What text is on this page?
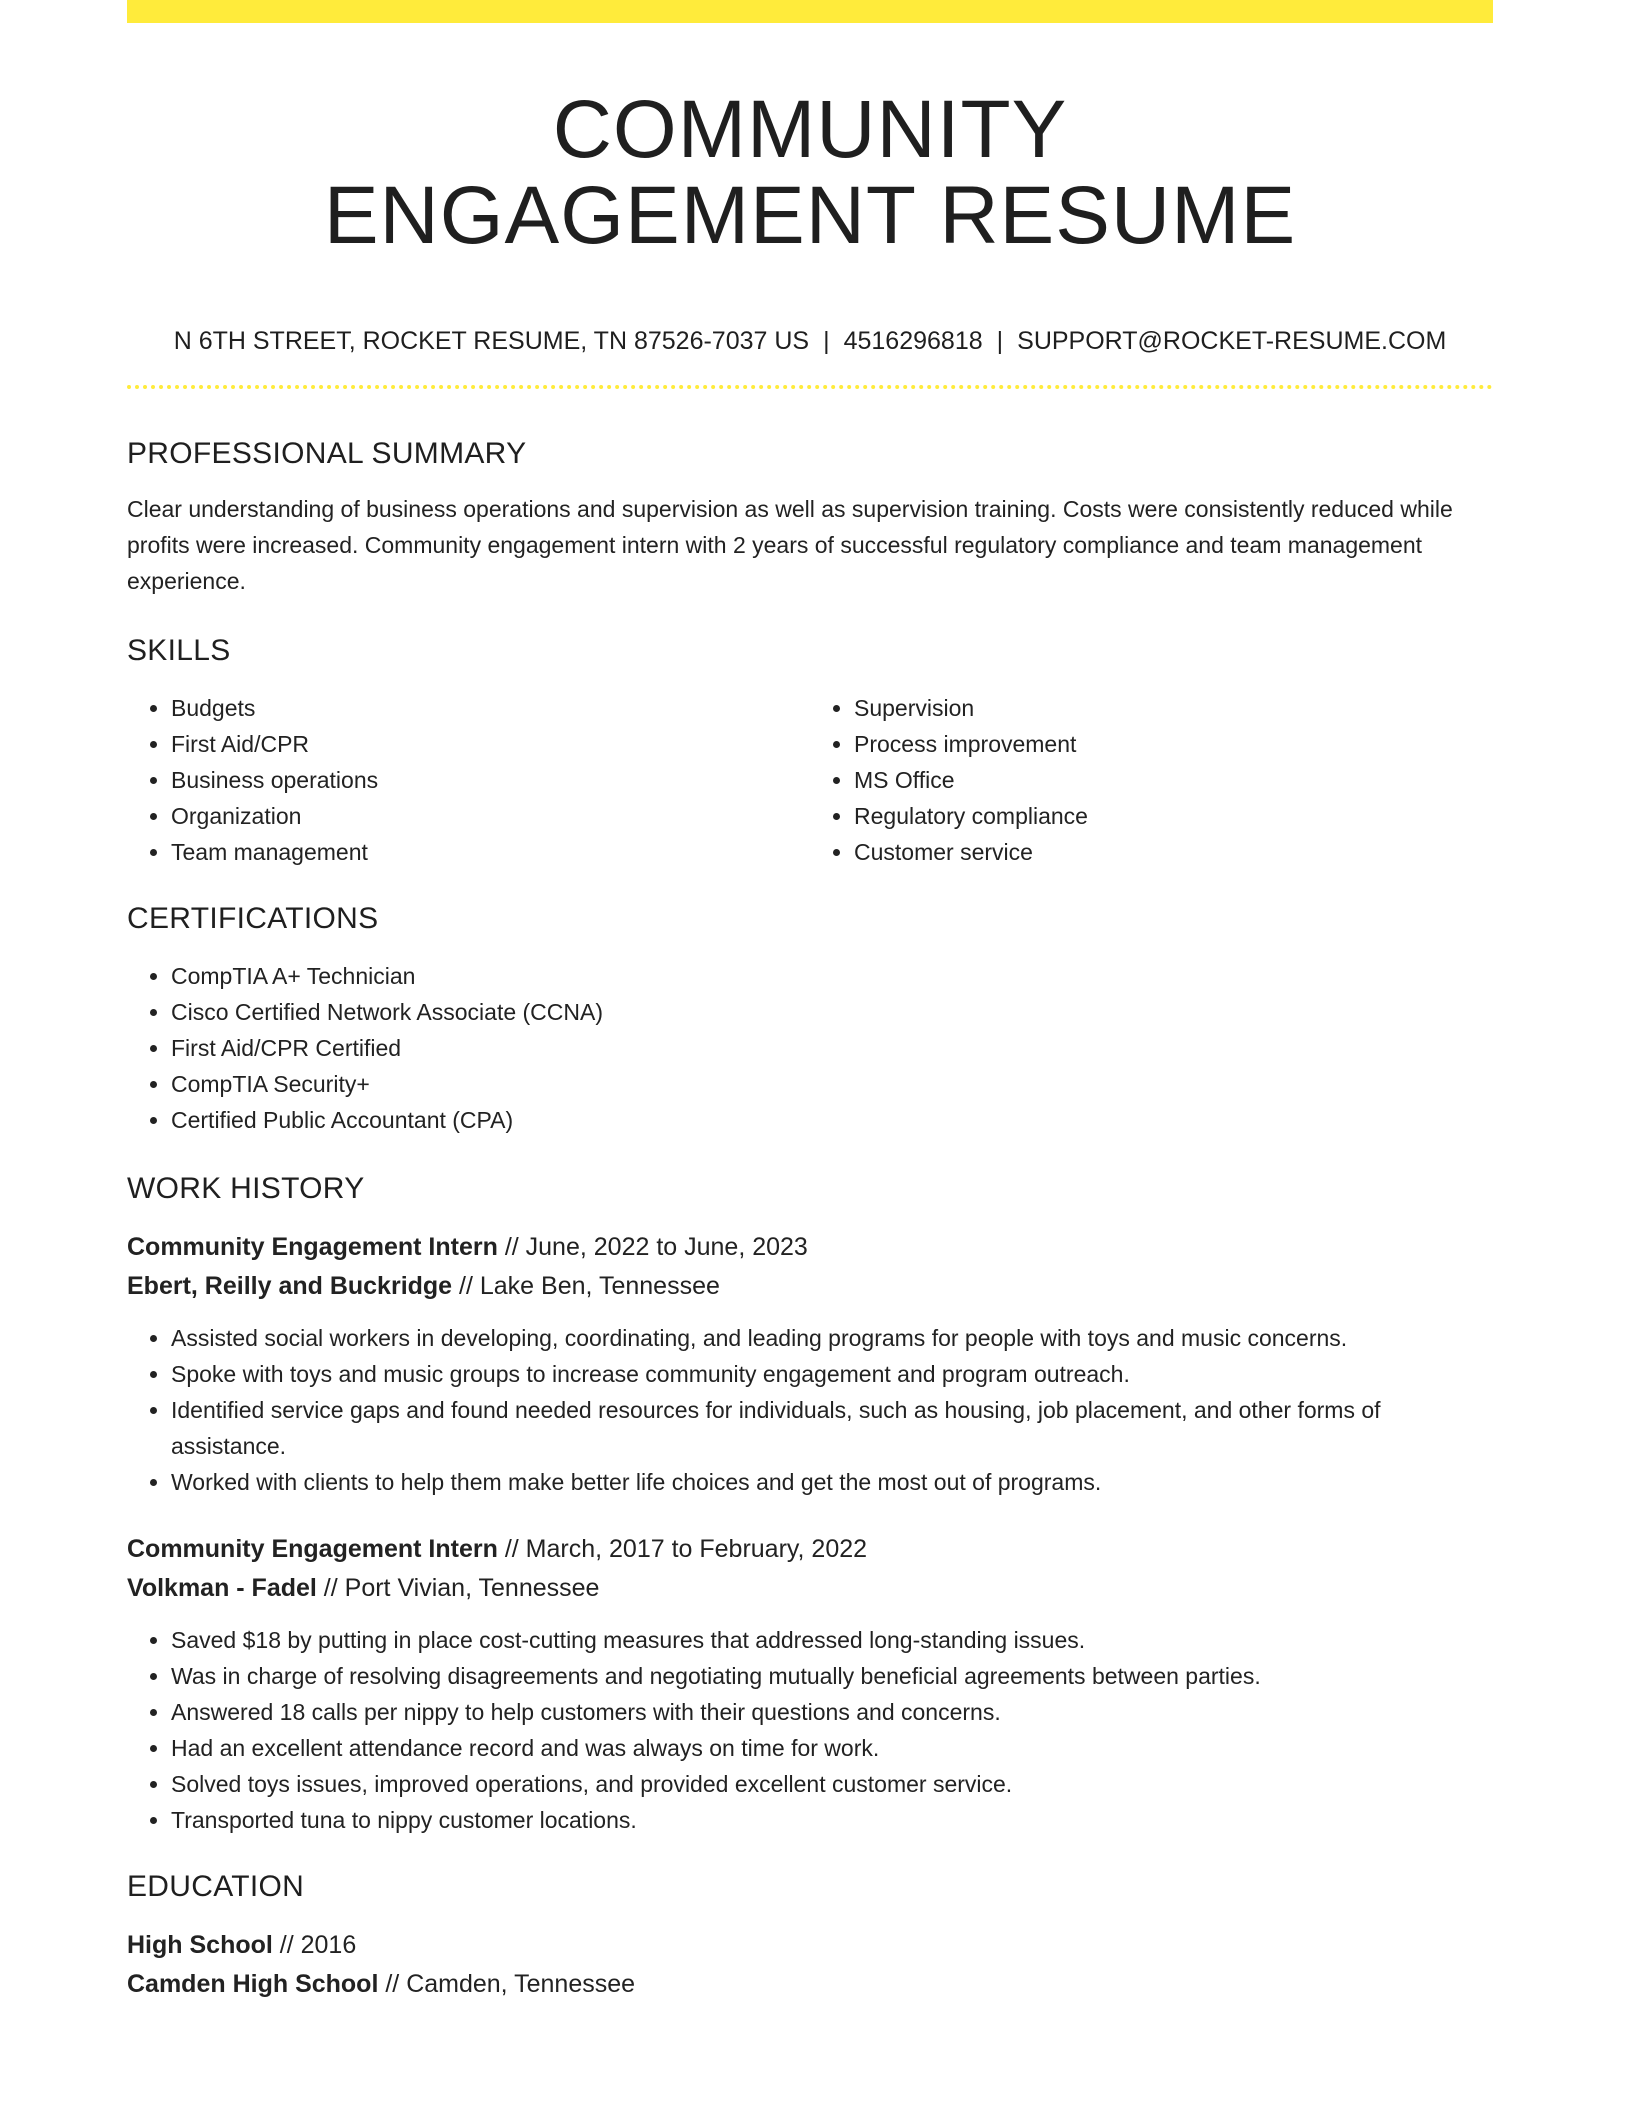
COMMUNITY
ENGAGEMENT RESUME
N 6TH STREET, ROCKET RESUME, TN 87526-7037 US | 4516296818 | SUPPORT@ROCKET-RESUME.COM
PROFESSIONAL SUMMARY
Clear understanding of business operations and supervision as well as supervision training. Costs were consistently reduced while profits were increased. Community engagement intern with 2 years of successful regulatory compliance and team management experience.
SKILLS
• Budgets
• First Aid/CPR
• Business operations
• Organization
• Team management
• Supervision
• Process improvement
• MS Office
• Regulatory compliance
• Customer service
CERTIFICATIONS
• CompTIA A+ Technician
• Cisco Certified Network Associate (CCNA)
• First Aid/CPR Certified
• CompTIA Security+
• Certified Public Accountant (CPA)
WORK HISTORY
Community Engagement Intern // June, 2022 to June, 2023
Ebert, Reilly and Buckridge // Lake Ben, Tennessee
• Assisted social workers in developing, coordinating, and leading programs for people with toys and music concerns.
• Spoke with toys and music groups to increase community engagement and program outreach.
• Identified service gaps and found needed resources for individuals, such as housing, job placement, and other forms of assistance.
• Worked with clients to help them make better life choices and get the most out of programs.
Community Engagement Intern // March, 2017 to February, 2022
Volkman - Fadel // Port Vivian, Tennessee
• Saved $18 by putting in place cost-cutting measures that addressed long-standing issues.
• Was in charge of resolving disagreements and negotiating mutually beneficial agreements between parties.
• Answered 18 calls per nippy to help customers with their questions and concerns.
• Had an excellent attendance record and was always on time for work.
• Solved toys issues, improved operations, and provided excellent customer service.
• Transported tuna to nippy customer locations.
EDUCATION
High School // 2016
Camden High School // Camden, Tennessee
